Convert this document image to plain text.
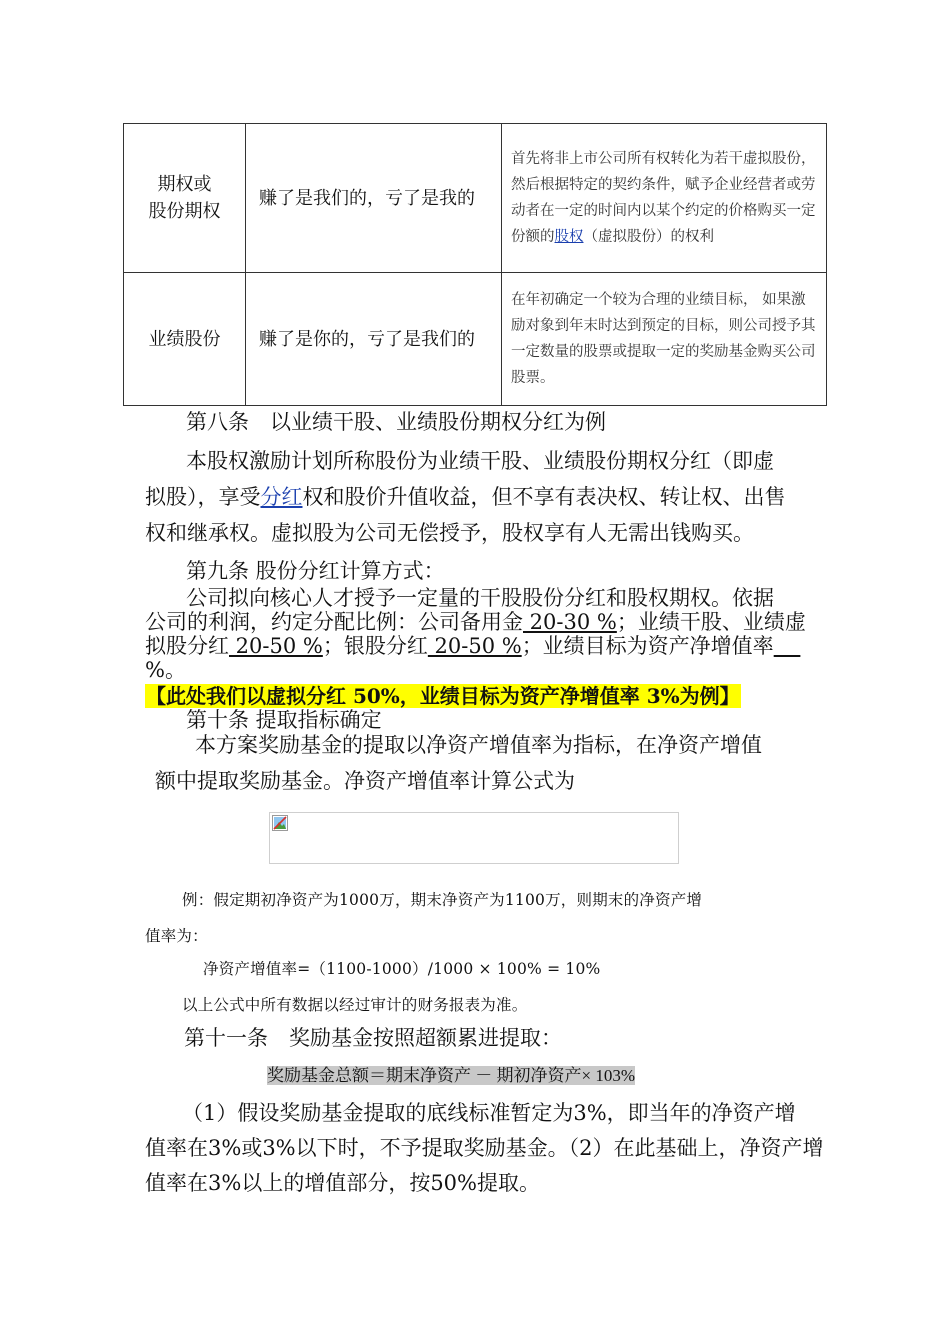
期权或
股份期权	赚了是我们的，亏了是我的	首先将非上市公司所有权转化为若干虚拟股份，然后根据特定的契约条件，赋予企业经营者或劳动者在一定的时间内以某个约定的价格购买一定份额的股权（虚拟股份）的权利
业绩股份	赚了是你的，亏了是我们的	在年初确定一个较为合理的业绩目标， 如果激励对象到年末时达到预定的目标，则公司授予其一定数量的股票或提取一定的奖励基金购买公司股票。
第八条　以业绩干股、业绩股份期权分红为例
本股权激励计划所称股份为业绩干股、业绩股份期权分红（即虚
拟股），享受分红权和股价升值收益，但不享有表决权、转让权、出售
权和继承权。虚拟股为公司无偿授予，股权享有人无需出钱购买。
第九条 股份分红计算方式：
公司拟向核心人才授予一定量的干股股份分红和股权期权。依据
公司的利润，约定分配比例：公司备用金 20-30 %；业绩干股、业绩虚
拟股分红 20-50 %；银股分红 20-50 %；业绩目标为资产净增值率
%。
【此处我们以虚拟分红 50%，业绩目标为资产净增值率 3%为例】
第十条 提取指标确定
本方案奖励基金的提取以净资产增值率为指标，在净资产增值
额中提取奖励基金。净资产增值率计算公式为
例：假定期初净资产为1000万，期末净资产为1100万，则期末的净资产增
值率为：
净资产增值率=（1100-1000）/1000 × 100% = 10%
以上公式中所有数据以经过审计的财务报表为准。
第十一条　奖励基金按照超额累进提取：
奖励基金总额＝期末净资产 － 期初净资产× 103%
（1）假设奖励基金提取的底线标准暂定为3%，即当年的净资产增
值率在3%或3%以下时，不予提取奖励基金。（2）在此基础上，净资产增
值率在3%以上的增值部分，按50%提取。
